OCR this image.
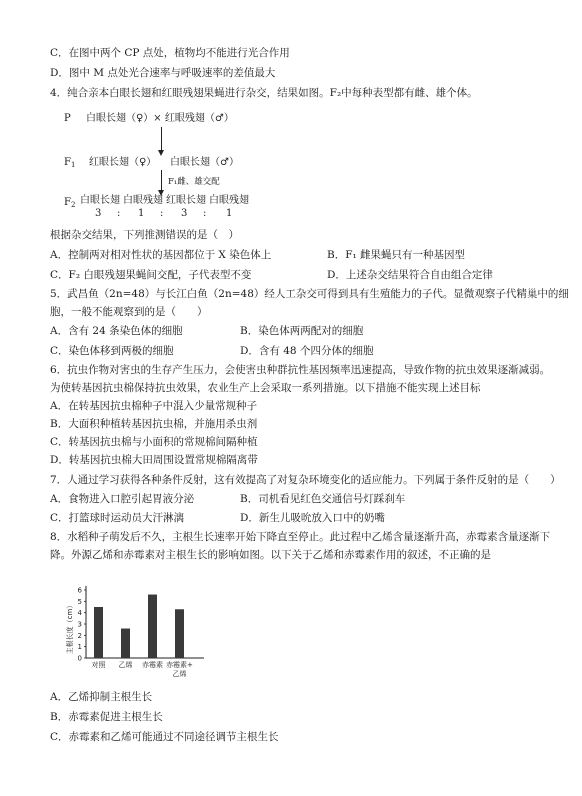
C．在图中两个 CP 点处，植物均不能进行光合作用
D．图中 M 点处光合速率与呼吸速率的差值最大
4．纯合亲本白眼长翅和红眼残翅果蝇进行杂交，结果如图。F₂中每种表型都有雌、雄个体。
P 白眼长翅（♀）× 红眼残翅（♂）
$F_1$ 红眼长翅（♀） 白眼长翅（♂）
F₁雌、雄交配
$F_2$ 白眼长翅 白眼残翅 红眼长翅 白眼残翅
3 : 1 : 3 : 1
根据杂交结果，下列推测错误的是（　）
A．控制两对相对性状的基因都位于 X 染色体上	B．F₁ 雌果蝇只有一种基因型
C．F₂ 白眼残翅果蝇间交配，子代表型不变	D．上述杂交结果符合自由组合定律
5．武昌鱼（2n=48）与长江白鱼（2n=48）经人工杂交可得到具有生殖能力的子代。显微观察子代精巢中的细
胞，一般不能观察到的是（　　）
A．含有 24 条染色体的细胞	B．染色体两两配对的细胞
C．染色体移到两极的细胞	D．含有 48 个四分体的细胞
6．抗虫作物对害虫的生存产生压力，会使害虫种群抗性基因频率迅速提高，导致作物的抗虫效果逐渐减弱。
为使转基因抗虫棉保持抗虫效果，农业生产上会采取一系列措施。以下措施不能实现上述目标
A．在转基因抗虫棉种子中混入少量常规种子
B．大面积种植转基因抗虫棉，并施用杀虫剂
C．转基因抗虫棉与小面积的常规棉间隔种植
D．转基因抗虫棉大田周围设置常规棉隔离带
7．人通过学习获得各种条件反射，这有效提高了对复杂环境变化的适应能力。下列属于条件反射的是（　　）
A．食物进入口腔引起胃液分泌	B．司机看见红色交通信号灯踩刹车
C．打篮球时运动员大汗淋漓	D．新生儿吸吮放入口中的奶嘴
8．水稻种子萌发后不久，主根生长速率开始下降直至停止。此过程中乙烯含量逐渐升高，赤霉素含量逐渐下
降。外源乙烯和赤霉素对主根生长的影响如图。以下关于乙烯和赤霉素作用的叙述，不正确的是
主根长度（cm）
0
1
2
3
4
5
6
对照 乙烯 赤霉素 赤霉素+
乙烯
A．乙烯抑制主根生长
B．赤霉素促进主根生长
C．赤霉素和乙烯可能通过不同途径调节主根生长
